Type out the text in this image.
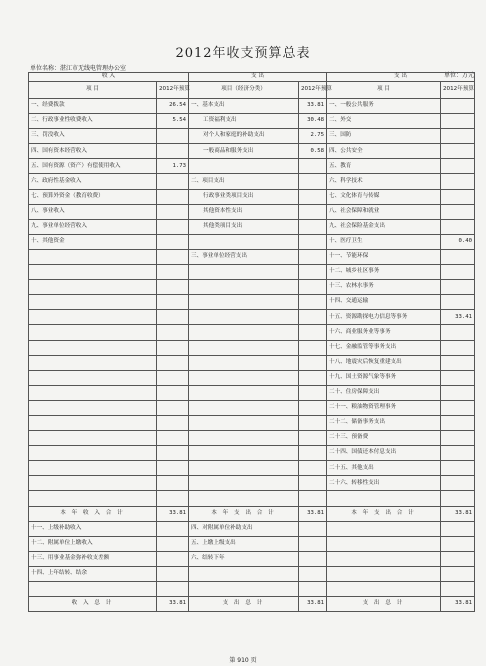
2012年收支预算总表
单位名称：湛江市无线电管理办公室
单位：万元
收 入		支 出		支 出	
项 目	2012年预算	项目（经济分类）	2012年预算	项 目	2012年预算
一、经费拨款	26.54	一、基本支出	33.81	一、一般公共服务	
二、行政事业性收费收入	5.54	工资福利支出	30.48	二、外交	
三、罚没收入		对个人和家庭的补助支出	2.75	三、国防	
四、国有资本经营收入		一般商品和服务支出	0.58	四、公共安全	
五、国有资源（资产）有偿使用收入	1.73			五、教育	
六、政府性基金收入		二、项目支出		六、科学技术	
七、预算外资金（教育收费）		行政事业类项目支出		七、文化体育与传媒	
八、事业收入		其他资本性支出		八、社会保障和就业	
九、事业单位经营收入		其他类项目支出		九、社会保险基金支出	
十、其他资金				十、医疗卫生	0.40
		三、事业单位经营支出		十一、节能环保	
				十二、城乡社区事务	
				十三、农林水事务	
				十四、交通运输	
				十五、资源勘探电力信息等事务	33.41
				十六、商业服务业等事务	
				十七、金融监管等事务支出	
				十八、地震灾后恢复重建支出	
				十九、国土资源气象等事务	
				二十、住房保障支出	
				二十一、粮油物资管理事务	
				二十二、储备事务支出	
				二十三、预备费	
				二十四、国债还本付息支出	
				二十五、其他支出	
				二十六、转移性支出	

本 年 收 入 合 计	33.81	本 年 支 出 合 计	33.81	本 年 支 出 合 计	33.81
十一、上级补助收入		四、对附属单位补助支出			
十二、附属单位上缴收入		五、上缴上级支出			
十三、用事业基金弥补收支差额		六、结转下年			
十四、上年结转、结余					

收 入 总 计	33.81	支 出 总 计	33.81	支 出 总 计	33.81
第 910 页
